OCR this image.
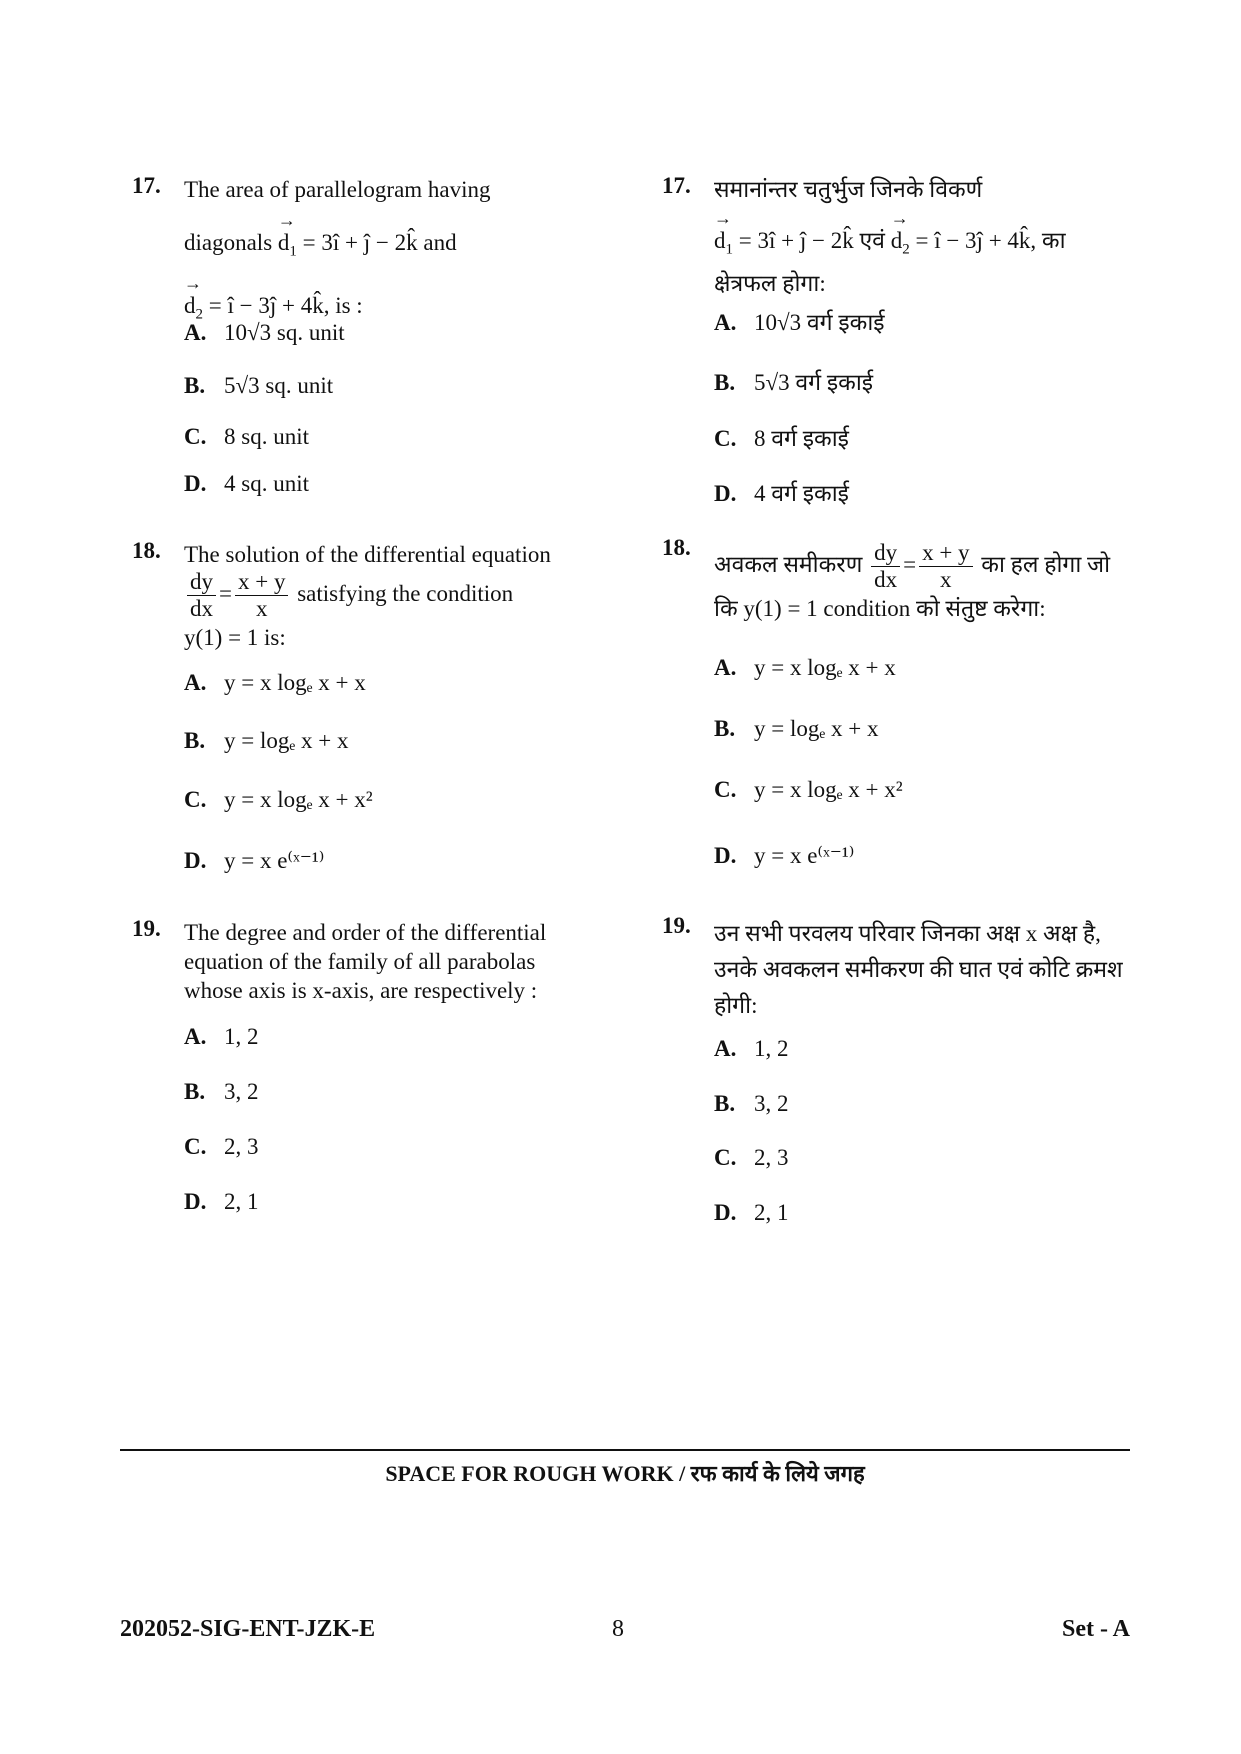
17. The area of parallelogram having
diagonals → $d_1$ = 3î + ĵ − 2k̂ and
→ $d_2$ = î − 3ĵ + 4k̂, is :
A. 10√3 sq. unit
B. 5√3 sq. unit
C. 8 sq. unit
D. 4 sq. unit
18. The solution of the differential equation
$\frac{dy}{dx} = \frac{x + y}{x}$ satisfying the condition
y(1) = 1 is:
A. y = x logₑ x + x
B. y = logₑ x + x
C. y = x logₑ x + x²
D. y = x e⁽ˣ⁻¹⁾
19. The degree and order of the differential equation of the family of all parabolas whose axis is x-axis, are respectively :
A. 1, 2
B. 3, 2
C. 2, 3
D. 2, 1
17. समानांन्तर चतुर्भुज जिनके विकर्ण
→ $d_1$ = 3î + ĵ − 2k̂ एवं → $d_2$ = î − 3ĵ + 4k̂, का
क्षेत्रफल होगा:
A. 10√3 वर्ग इकाई
B. 5√3 वर्ग इकाई
C. 8 वर्ग इकाई
D. 4 वर्ग इकाई
18.
अवकल समीकरण $\frac{dy}{dx} = \frac{x + y}{x}$ का हल होगा जो
कि y(1) = 1 condition को संतुष्ट करेगा:
A. y = x logₑ x + x
B. y = logₑ x + x
C. y = x logₑ x + x²
D. y = x e⁽ˣ⁻¹⁾
19. उन सभी परवलय परिवार जिनका अक्ष x अक्ष है, उनके अवकलन समीकरण की घात एवं कोटि क्रमश होगी:
A. 1, 2
B. 3, 2
C. 2, 3
D. 2, 1
SPACE FOR ROUGH WORK / रफ कार्य के लिये जगह
202052-SIG-ENT-JZK-E	8	Set - A
